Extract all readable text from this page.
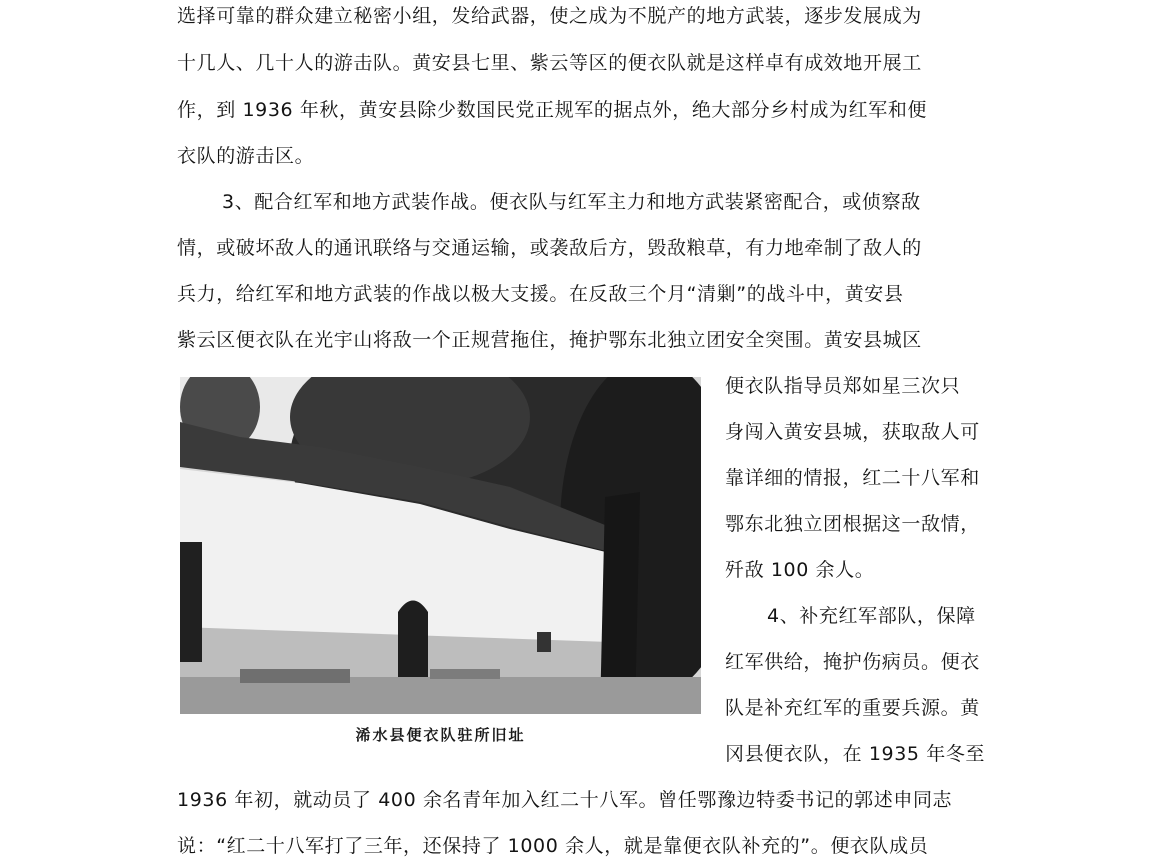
选择可靠的群众建立秘密小组，发给武器，使之成为不脱产的地方武装，逐步发展成为

十几人、几十人的游击队。黄安县七里、紫云等区的便衣队就是这样卓有成效地开展工

作，到 1936 年秋，黄安县除少数国民党正规军的据点外，绝大部分乡村成为红军和便

衣队的游击区。

3、配合红军和地方武装作战。便衣队与红军主力和地方武装紧密配合，或侦察敌

情，或破坏敌人的通讯联络与交通运输，或袭敌后方，毁敌粮草，有力地牵制了敌人的

兵力，给红军和地方武装的作战以极大支援。在反敌三个月“清剿”的战斗中，黄安县

紫云区便衣队在光宇山将敌一个正规营拖住，掩护鄂东北独立团安全突围。黄安县城区

浠水县便衣队驻所旧址

便衣队指导员郑如星三次只

身闯入黄安县城，获取敌人可

靠详细的情报，红二十八军和

鄂东北独立团根据这一敌情，

歼敌 100 余人。

4、补充红军部队，保障

红军供给，掩护伤病员。便衣

队是补充红军的重要兵源。黄

冈县便衣队，在 1935 年冬至

1936 年初，就动员了 400 余名青年加入红二十八军。曾任鄂豫边特委书记的郭述申同志

说：“红二十八军打了三年，还保持了 1000 余人，就是靠便衣队补充的”。便衣队成员
